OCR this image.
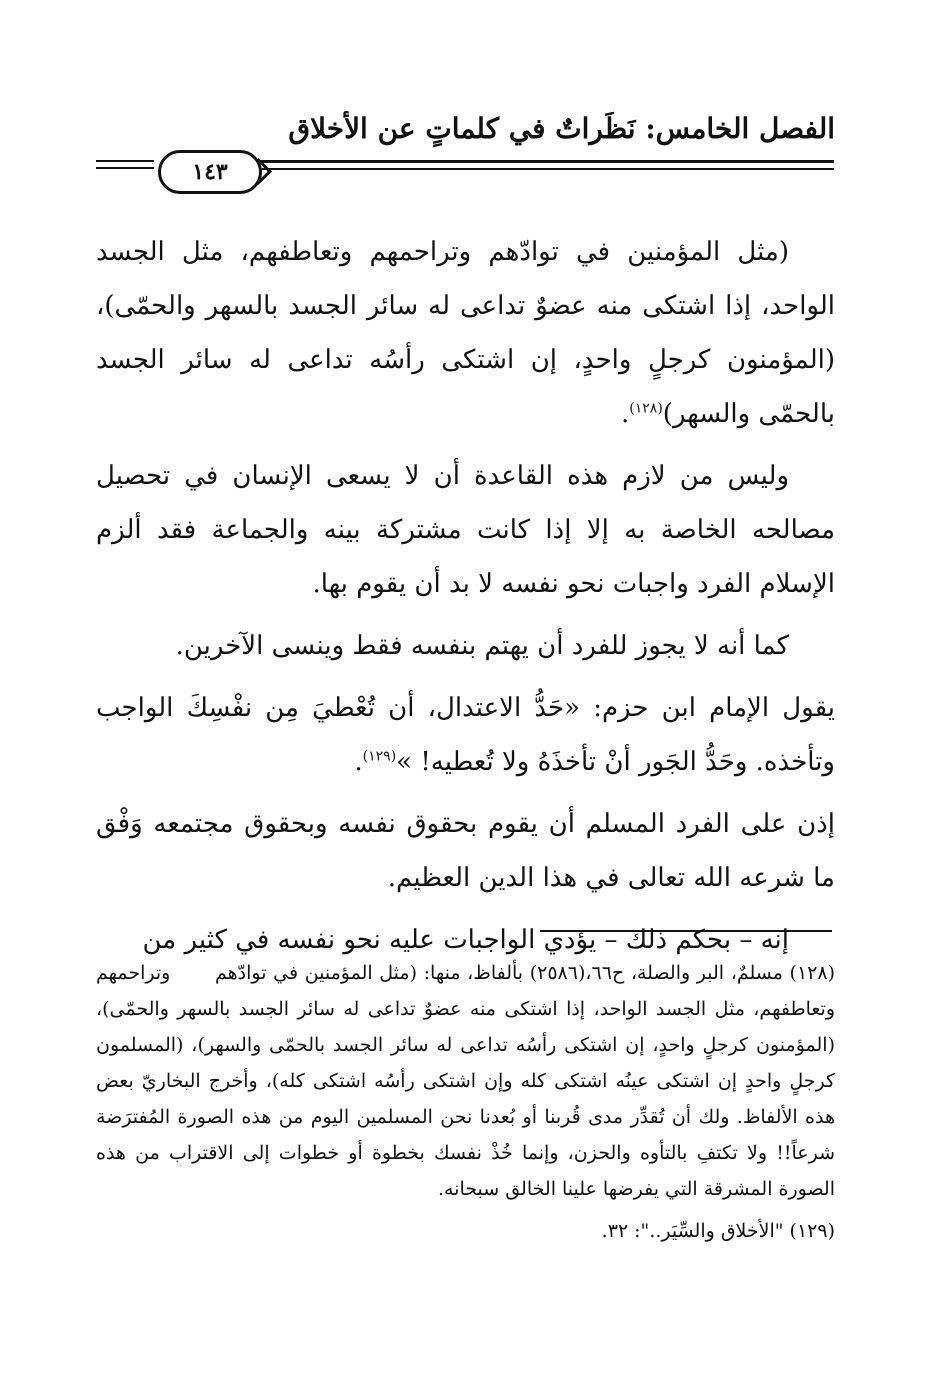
الفصل الخامس: نَظَراتٌ في كلماتٍ عن الأخلاق
١٤٣

(مثل المؤمنين في توادّهم وتراحمهم وتعاطفهم، مثل الجسد الواحد، إذا اشتكى منه عضوٌ تداعى له سائر الجسد بالسهر والحمّى)، (المؤمنون كرجلٍ واحدٍ، إن اشتكى رأسُه تداعى له سائر الجسد بالحمّى والسهر)$^{(١٢٨)}$.

وليس من لازم هذه القاعدة أن لا يسعى الإنسان في تحصيل مصالحه الخاصة به إلا إذا كانت مشتركة بينه والجماعة فقد ألزم الإسلام الفرد واجبات نحو نفسه لا بد أن يقوم بها.

كما أنه لا يجوز للفرد أن يهتم بنفسه فقط وينسى الآخرين.

يقول الإمام ابن حزم: «حَدُّ الاعتدال، أن تُعْطيَ مِن نفْسِكَ الواجب وتأخذه. وحَدُّ الجَور أنْ تأخذَهُ ولا تُعطيه! »$^{(١٢٩)}$.

إذن على الفرد المسلم أن يقوم بحقوق نفسه وبحقوق مجتمعه وَفْق ما شرعه الله تعالى في هذا الدين العظيم.

إنه – بحكم ذلك – يؤدي الواجبات عليه نحو نفسه في كثير من

(١٢٨) مسلمٌ، البر والصلة، ح٦٦،(٢٥٨٦) بألفاظ، منها: (مثل المؤمنين في توادّهم وتراحمهم وتعاطفهم، مثل الجسد الواحد، إذا اشتكى منه عضوٌ تداعى له سائر الجسد بالسهر والحمّى)، (المؤمنون كرجلٍ واحدٍ، إن اشتكى رأسُه تداعى له سائر الجسد بالحمّى والسهر)، (المسلمون كرجلٍ واحدٍ إن اشتكى عينُه اشتكى كله وإن اشتكى رأسُه اشتكى كله)، وأخرج البخاريّ بعض هذه الألفاظ. ولك أن تُقدِّر مدى قُربنا أو بُعدنا نحن المسلمين اليوم من هذه الصورة المُفترَضة شرعاً!! ولا تكتفِ بالتأوه والحزن، وإنما خُذْ نفسك بخطوة أو خطوات إلى الاقتراب من هذه الصورة المشرقة التي يفرضها علينا الخالق سبحانه.

(١٢٩) "الأخلاق والسِّيَر..": ٣٢.
